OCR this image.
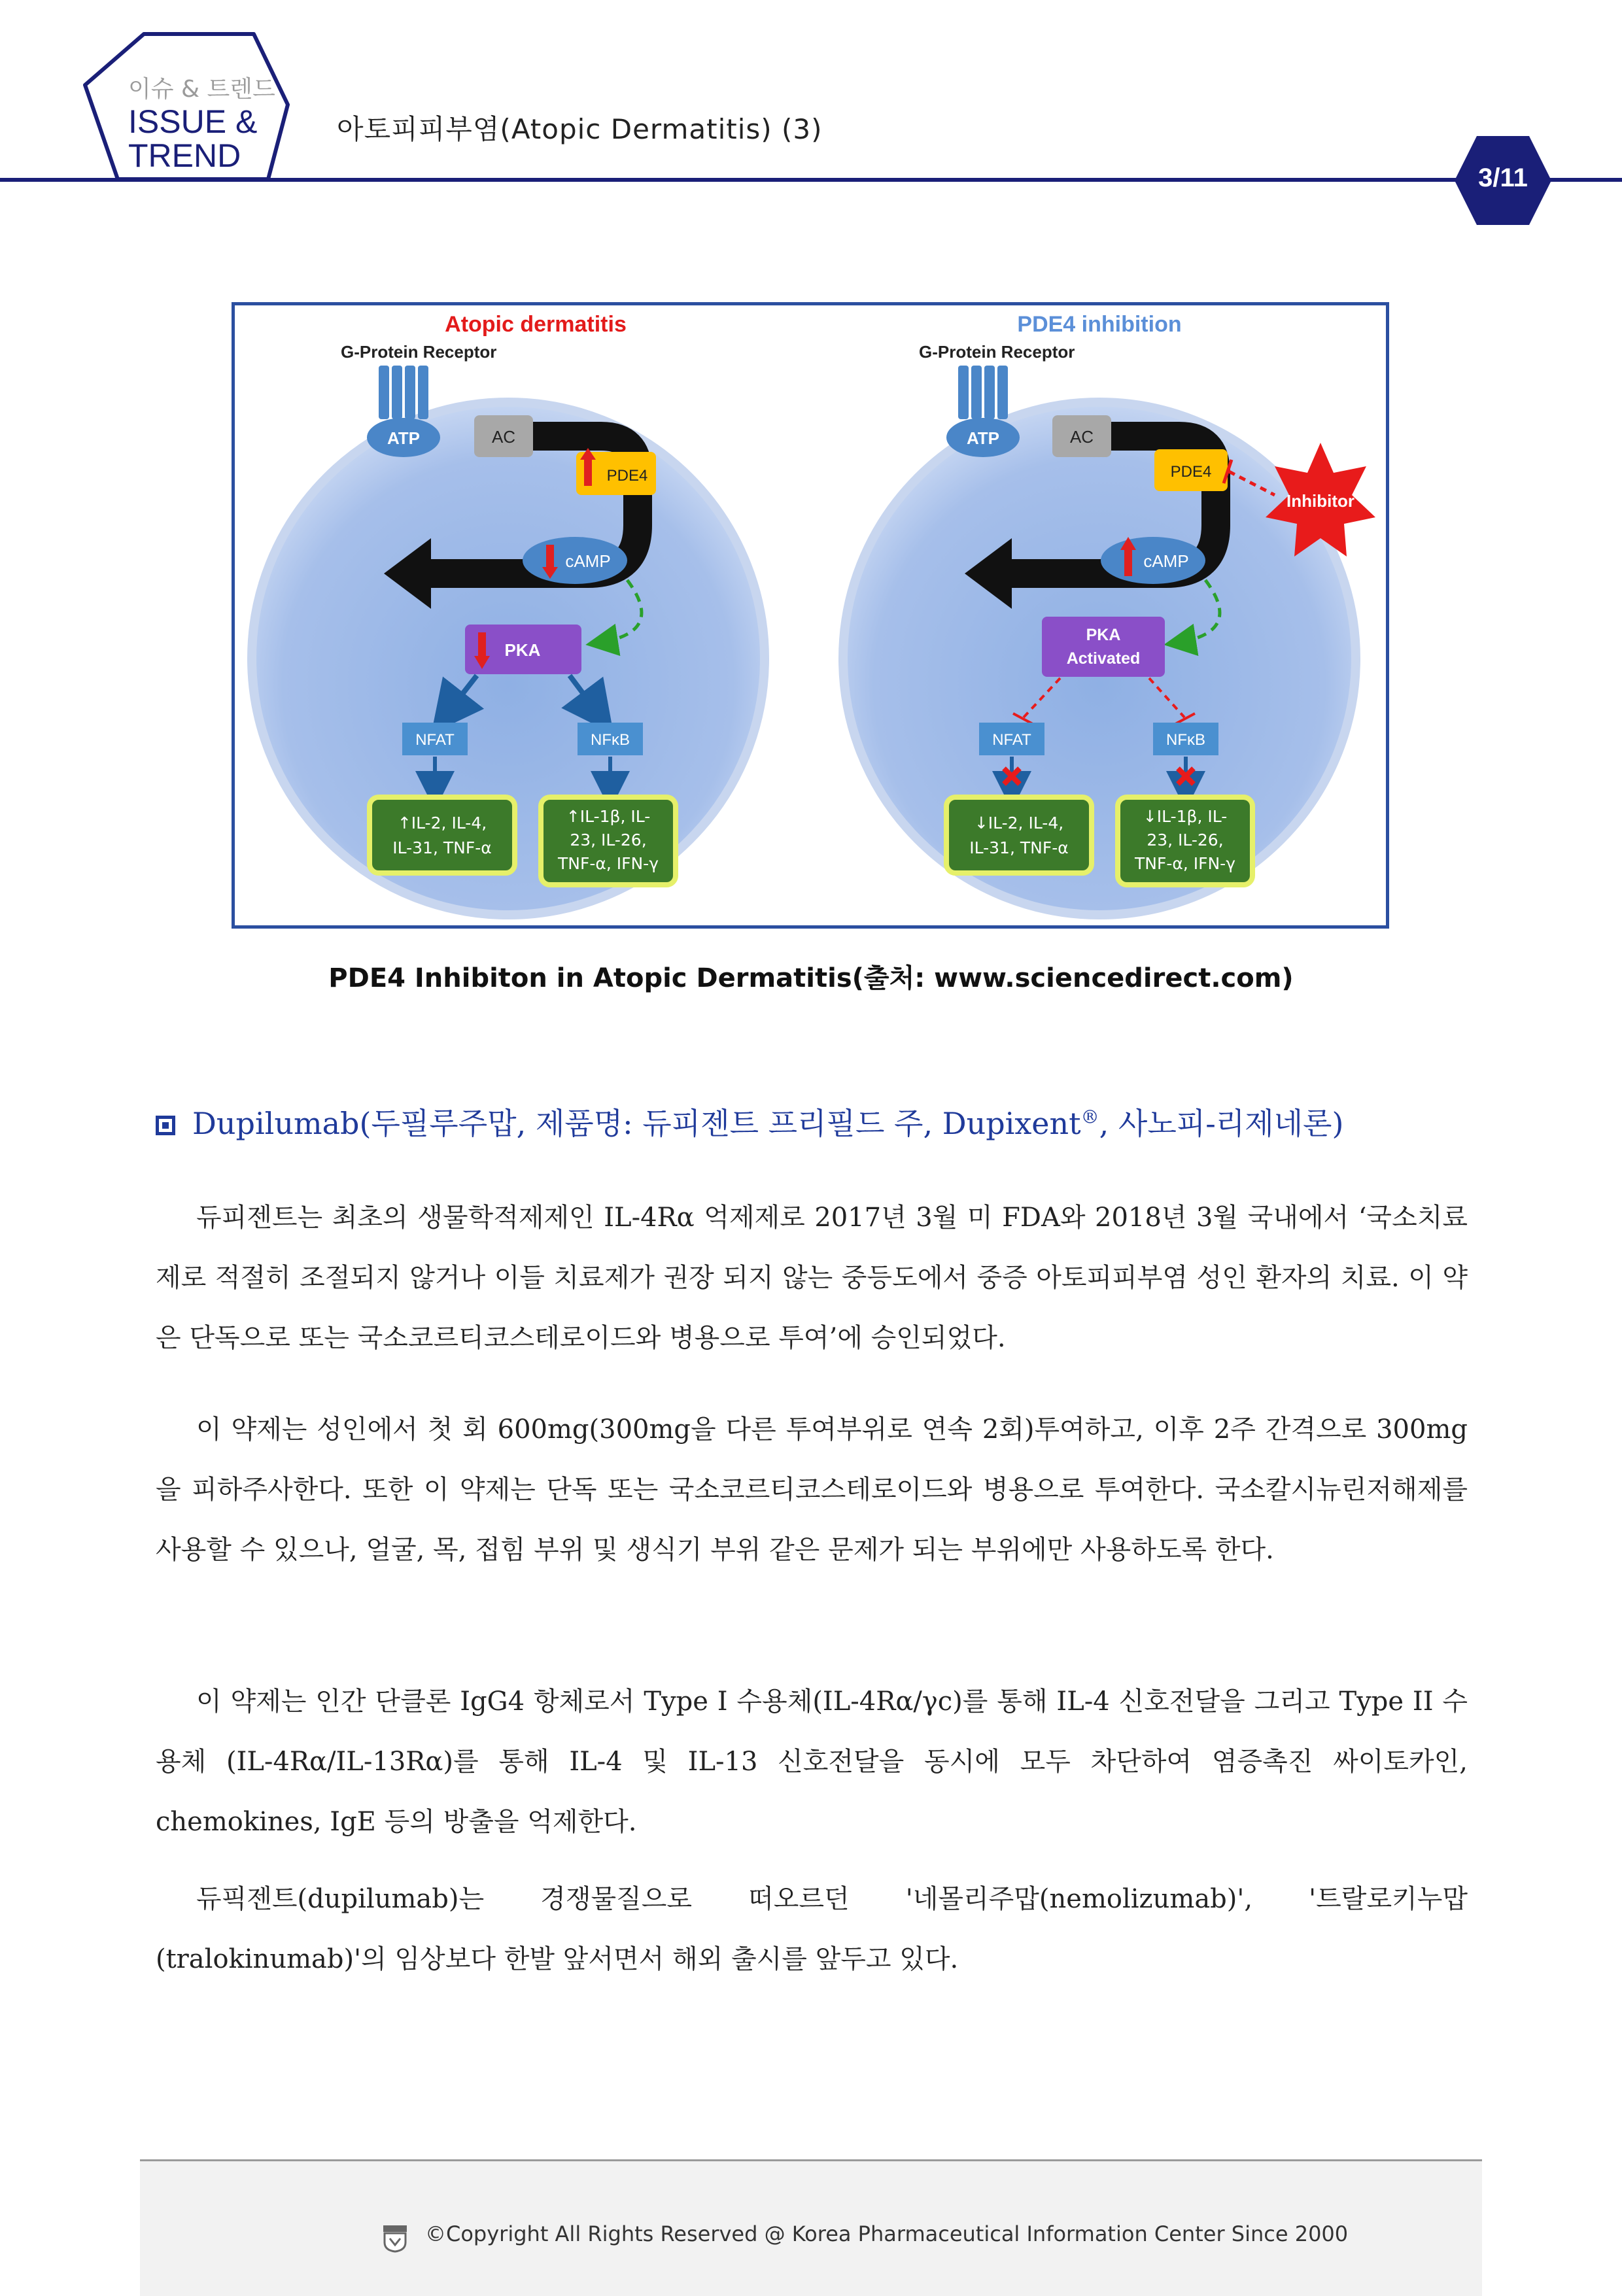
이슈 & 트렌드
ISSUE &
TREND
아토피피부염(Atopic Dermatitis) (3)
3/11
Atopic dermatitis
G-Protein Receptor
ATP	AC
PDE4
cAMP
PKA
NFAT	NFκB
↑IL-2, IL-4,
IL-31, TNF-α
↑IL-1β, IL-
23, IL-26,
TNF-α, IFN-γ
PDE4 inhibition
G-Protein Receptor
ATP	AC
PDE4
Inhibitor
cAMP
PKA
Activated
NFAT	NFκB
↓IL-2, IL-4,
IL-31, TNF-α
↓IL-1β, IL-
23, IL-26,
TNF-α, IFN-γ
PDE4 Inhibiton in Atopic Dermatitis(출처: www.sciencedirect.com)
Dupilumab(두필루주맙, 제품명: 듀피젠트 프리필드 주, Dupixent®, 사노피-리제네론)

듀피젠트는 최초의 생물학적제제인 IL-4Rα 억제제로 2017년 3월 미 FDA와 2018년 3월 국내에서 ‘국소치료제로 적절히 조절되지 않거나 이들 치료제가 권장 되지 않는 중등도에서 중증 아토피피부염 성인 환자의 치료. 이 약은 단독으로 또는 국소코르티코스테로이드와 병용으로 투여’에 승인되었다.

이 약제는 성인에서 첫 회 600mg(300mg을 다른 투여부위로 연속 2회)투여하고, 이후 2주 간격으로 300mg을 피하주사한다. 또한 이 약제는 단독 또는 국소코르티코스테로이드와 병용으로 투여한다. 국소칼시뉴린저해제를 사용할 수 있으나, 얼굴, 목, 접힘 부위 및 생식기 부위 같은 문제가 되는 부위에만 사용하도록 한다.

이 약제는 인간 단클론 IgG4 항체로서 Type I 수용체(IL-4Rα/γc)를 통해 IL-4 신호전달을 그리고 Type II 수용체 (IL-4Rα/IL-13Rα)를 통해 IL-4 및 IL-13 신호전달을 동시에 모두 차단하여 염증촉진 싸이토카인, chemokines, IgE 등의 방출을 억제한다.

듀픽젠트(dupilumab)는 경쟁물질으로 떠오르던 '네몰리주맙(nemolizumab)', '트랄로키누맙(tralokinumab)'의 임상보다 한발 앞서면서 해외 출시를 앞두고 있다.

©Copyright All Rights Reserved @ Korea Pharmaceutical Information Center Since 2000
